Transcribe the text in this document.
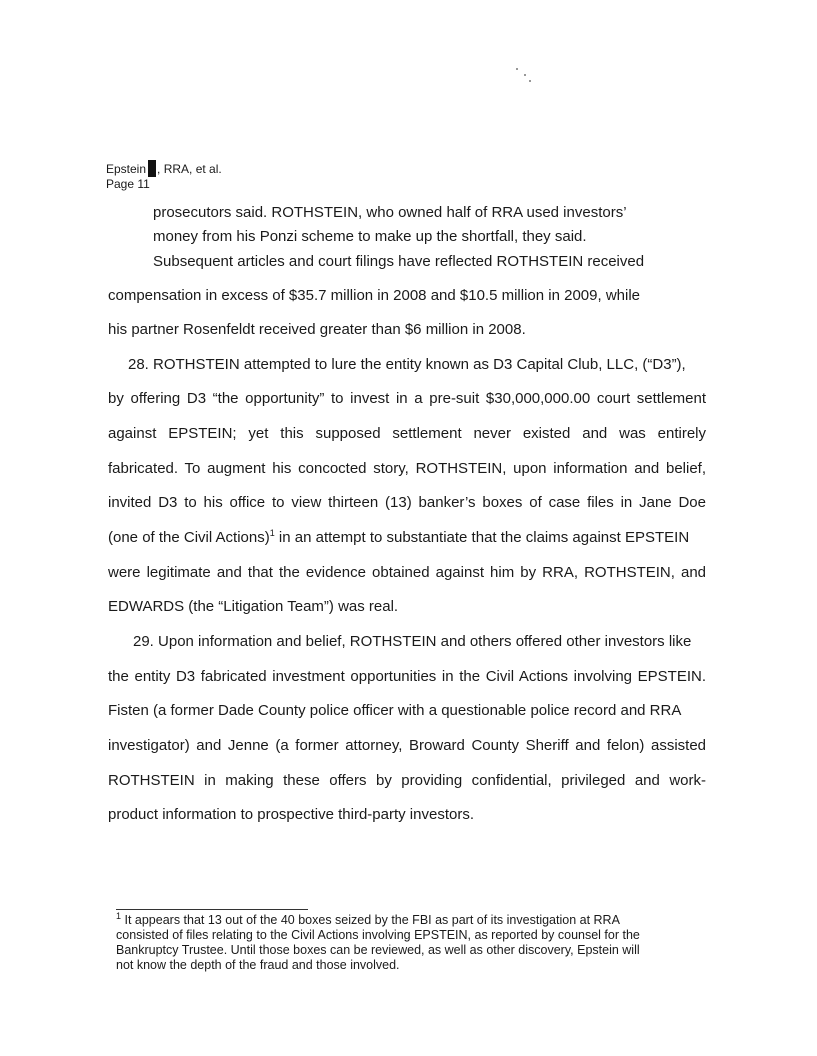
Epstein , RRA, et al.
Page 11
prosecutors said. ROTHSTEIN, who owned half of RRA used investors’
money from his Ponzi scheme to make up the shortfall, they said.
Subsequent articles and court filings have reflected ROTHSTEIN received
compensation in excess of $35.7 million in 2008 and $10.5 million in 2009, while
his partner Rosenfeldt received greater than $6 million in 2008.
28. ROTHSTEIN attempted to lure the entity known as D3 Capital Club, LLC, (“D3”),
by offering D3 “the opportunity” to invest in a pre-suit $30,000,000.00 court settlement
against EPSTEIN; yet this supposed settlement never existed and was entirely
fabricated. To augment his concocted story, ROTHSTEIN, upon information and belief,
invited D3 to his office to view thirteen (13) banker’s boxes of case files in Jane Doe
(one of the Civil Actions)$^1$ in an attempt to substantiate that the claims against EPSTEIN
were legitimate and that the evidence obtained against him by RRA, ROTHSTEIN, and
EDWARDS (the “Litigation Team”) was real.
29. Upon information and belief, ROTHSTEIN and others offered other investors like
the entity D3 fabricated investment opportunities in the Civil Actions involving EPSTEIN.
Fisten (a former Dade County police officer with a questionable police record and RRA
investigator) and Jenne (a former attorney, Broward County Sheriff and felon) assisted
ROTHSTEIN in making these offers by providing confidential, privileged and work-
product information to prospective third-party investors.
$^1$ It appears that 13 out of the 40 boxes seized by the FBI as part of its investigation at RRA
consisted of files relating to the Civil Actions involving EPSTEIN, as reported by counsel for the
Bankruptcy Trustee. Until those boxes can be reviewed, as well as other discovery, Epstein will
not know the depth of the fraud and those involved.
